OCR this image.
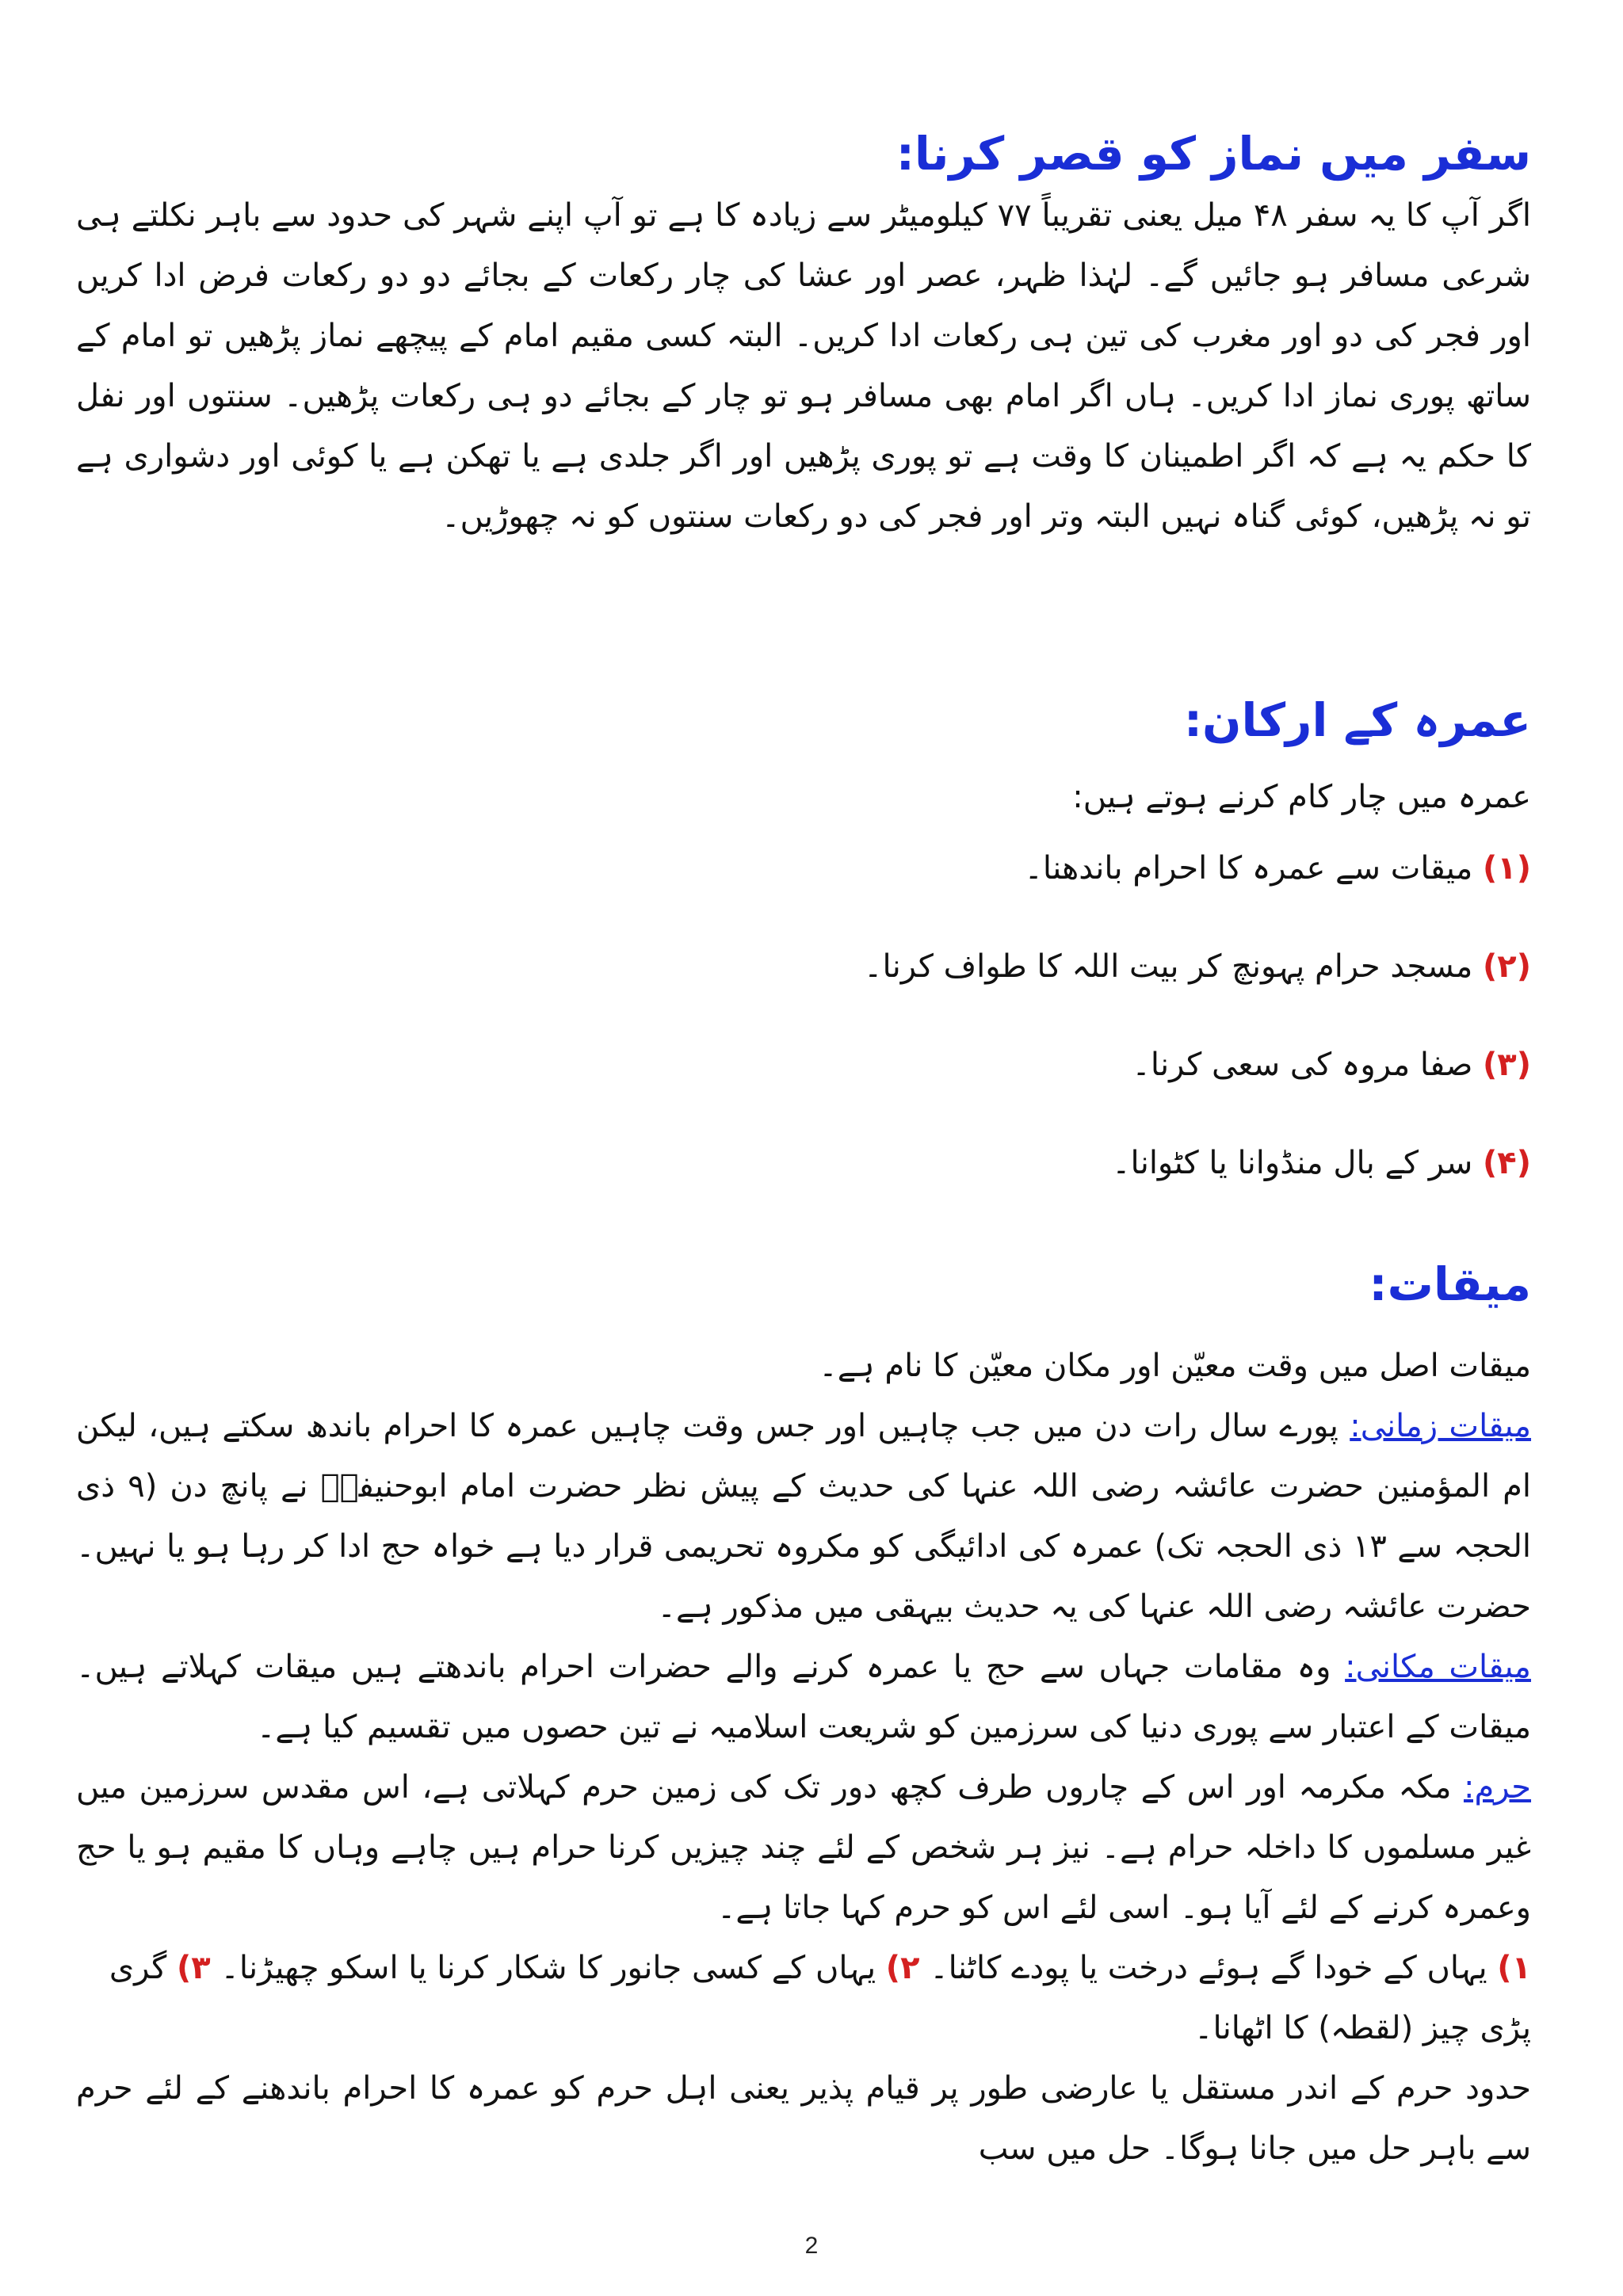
سفر میں نماز کو قصر کرنا:

اگر آپ کا یہ سفر ۴۸ میل یعنی تقریباً ۷۷ کیلومیٹر سے زیادہ کا ہے تو آپ اپنے شہر کی حدود سے باہر نکلتے ہی شرعی مسافر ہو جائیں گے۔ لہٰذا ظہر، عصر اور عشا کی چار رکعات کے بجائے دو دو رکعات فرض ادا کریں اور فجر کی دو اور مغرب کی تین ہی رکعات ادا کریں۔ البتہ کسی مقیم امام کے پیچھے نماز پڑھیں تو امام کے ساتھ پوری نماز ادا کریں۔ ہاں اگر امام بھی مسافر ہو تو چار کے بجائے دو ہی رکعات پڑھیں۔ سنتوں اور نفل کا حکم یہ ہے کہ اگر اطمینان کا وقت ہے تو پوری پڑھیں اور اگر جلدی ہے یا تھکن ہے یا کوئی اور دشواری ہے تو نہ پڑھیں، کوئی گناہ نہیں البتہ وتر اور فجر کی دو رکعات سنتوں کو نہ چھوڑیں۔

عمرہ کے ارکان:

عمرہ میں چار کام کرنے ہوتے ہیں:

(۱) میقات سے عمرہ کا احرام باندھنا۔

(۲) مسجد حرام پہونچ کر بیت اللہ کا طواف کرنا۔

(۳) صفا مروہ کی سعی کرنا۔

(۴) سر کے بال منڈوانا یا کٹوانا۔

میقات:

میقات اصل میں وقت معیّن اور مکان معیّن کا نام ہے۔

میقات زمانی: پورے سال رات دن میں جب چاہیں اور جس وقت چاہیں عمرہ کا احرام باندھ سکتے ہیں، لیکن ام المؤمنین حضرت عائشہ رضی اللہ عنہا کی حدیث کے پیش نظر حضرت امام ابوحنیفہؒ نے پانچ دن (۹ ذی الحجہ سے ۱۳ ذی الحجہ تک) عمرہ کی ادائیگی کو مکروہ تحریمی قرار دیا ہے خواہ حج ادا کر رہا ہو یا نہیں۔ حضرت عائشہ رضی اللہ عنہا کی یہ حدیث بیہقی میں مذکور ہے۔

میقات مکانی: وہ مقامات جہاں سے حج یا عمرہ کرنے والے حضرات احرام باندھتے ہیں میقات کہلاتے ہیں۔ میقات کے اعتبار سے پوری دنیا کی سرزمین کو شریعت اسلامیہ نے تین حصوں میں تقسیم کیا ہے۔

حرم: مکہ مکرمہ اور اس کے چاروں طرف کچھ دور تک کی زمین حرم کہلاتی ہے، اس مقدس سرزمین میں غیر مسلموں کا داخلہ حرام ہے۔ نیز ہر شخص کے لئے چند چیزیں کرنا حرام ہیں چاہے وہاں کا مقیم ہو یا حج وعمرہ کرنے کے لئے آیا ہو۔ اسی لئے اس کو حرم کہا جاتا ہے۔

۱) یہاں کے خودا گے ہوئے درخت یا پودے کاٹنا۔ ۲) یہاں کے کسی جانور کا شکار کرنا یا اسکو چھیڑنا۔ ۳) گری پڑی چیز (لقطہ) کا اٹھانا۔

حدود حرم کے اندر مستقل یا عارضی طور پر قیام پذیر یعنی اہل حرم کو عمرہ کا احرام باندھنے کے لئے حرم سے باہر حل میں جانا ہوگا۔ حل میں سب

2
